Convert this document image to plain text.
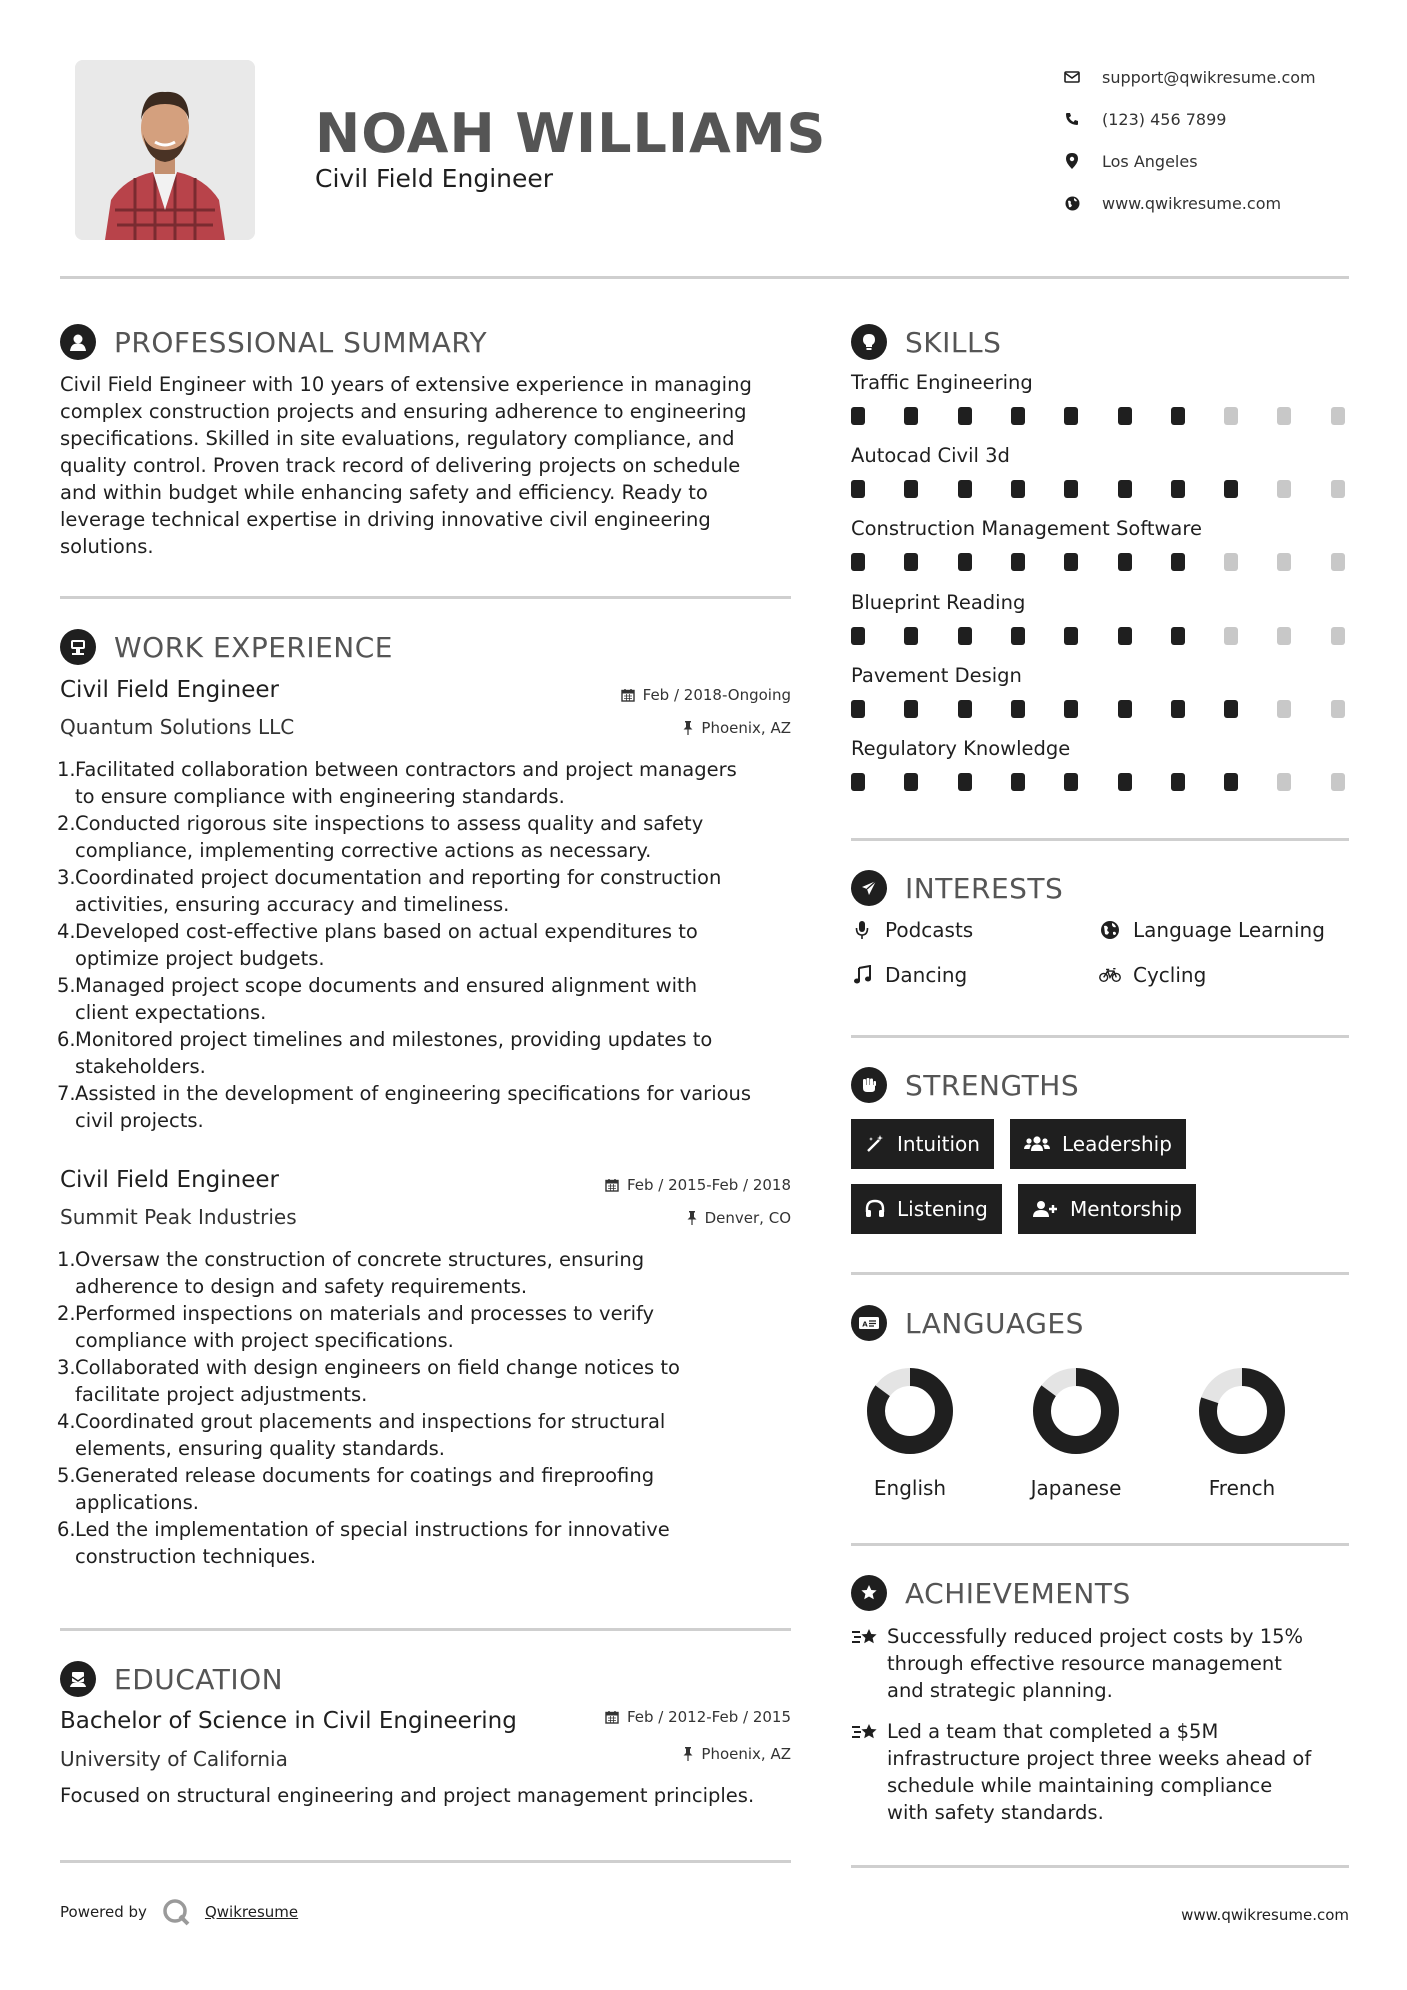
NOAH WILLIAMS
Civil Field Engineer
support@qwikresume.com
(123) 456 7899
Los Angeles
www.qwikresume.com
PROFESSIONAL SUMMARY
Civil Field Engineer with 10 years of extensive experience in managing
complex construction projects and ensuring adherence to engineering
specifications. Skilled in site evaluations, regulatory compliance, and
quality control. Proven track record of delivering projects on schedule
and within budget while enhancing safety and efficiency. Ready to
leverage technical expertise in driving innovative civil engineering
solutions.
WORK EXPERIENCE
Civil Field Engineer
Quantum Solutions LLC
Feb / 2018-Ongoing
Phoenix, AZ
1. Facilitated collaboration between contractors and project managers
to ensure compliance with engineering standards.
2. Conducted rigorous site inspections to assess quality and safety
compliance, implementing corrective actions as necessary.
3. Coordinated project documentation and reporting for construction
activities, ensuring accuracy and timeliness.
4. Developed cost-effective plans based on actual expenditures to
optimize project budgets.
5. Managed project scope documents and ensured alignment with
client expectations.
6. Monitored project timelines and milestones, providing updates to
stakeholders.
7. Assisted in the development of engineering specifications for various
civil projects.
Civil Field Engineer
Summit Peak Industries
Feb / 2015-Feb / 2018
Denver, CO
1. Oversaw the construction of concrete structures, ensuring
adherence to design and safety requirements.
2. Performed inspections on materials and processes to verify
compliance with project specifications.
3. Collaborated with design engineers on field change notices to
facilitate project adjustments.
4. Coordinated grout placements and inspections for structural
elements, ensuring quality standards.
5. Generated release documents for coatings and fireproofing
applications.
6. Led the implementation of special instructions for innovative
construction techniques.
EDUCATION
Bachelor of Science in Civil Engineering
University of California
Feb / 2012-Feb / 2015
Phoenix, AZ
Focused on structural engineering and project management principles.
SKILLS
Traffic Engineering
Autocad Civil 3d
Construction Management Software
Blueprint Reading
Pavement Design
Regulatory Knowledge
INTERESTS
Podcasts	Language Learning
Dancing	Cycling
STRENGTHS
Intuition	Leadership
Listening	Mentorship
A LANGUAGES
English	Japanese	French
ACHIEVEMENTS
Successfully reduced project costs by 15%
through effective resource management
and strategic planning.
Led a team that completed a $5M
infrastructure project three weeks ahead of
schedule while maintaining compliance
with safety standards.
Powered by	Qwikresume	www.qwikresume.com
